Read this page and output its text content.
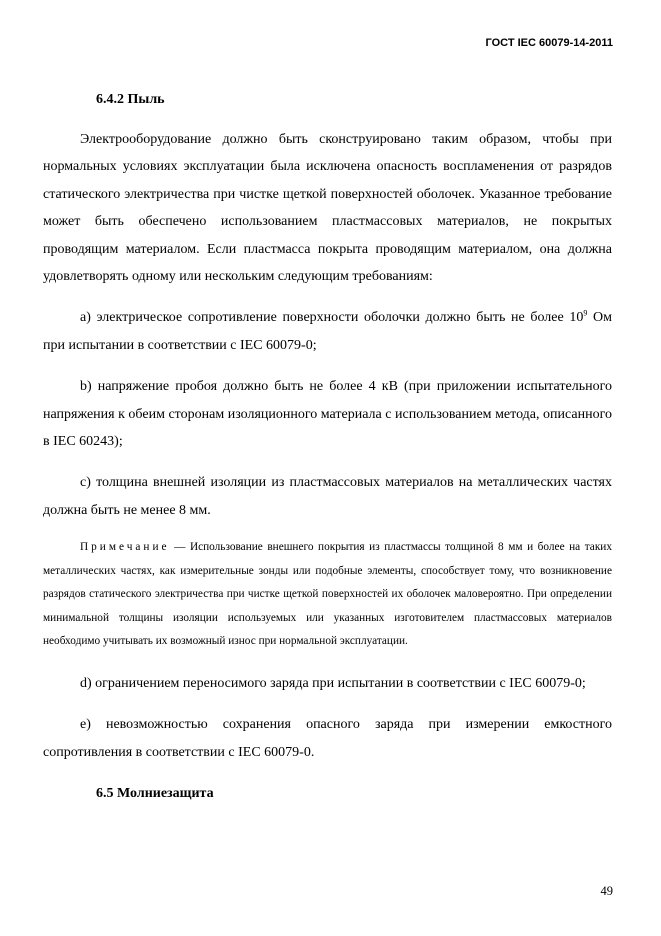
ГОСТ IEC 60079-14-2011
6.4.2 Пыль

Электрооборудование должно быть сконструировано таким образом, чтобы при нормальных условиях эксплуатации была исключена опасность воспламенения от разрядов статического электричества при чистке щеткой поверхностей оболочек. Указанное требование может быть обеспечено использованием пластмассовых материалов, не покрытых проводящим материалом. Если пластмасса покрыта проводящим материалом, она должна удовлетворять одному или нескольким следующим требованиям:

а) электрическое сопротивление поверхности оболочки должно быть не более $10^9$ Ом при испытании в соответствии с IEC 60079-0;

b) напряжение пробоя должно быть не более 4 кВ (при приложении испытательного напряжения к обеим сторонам изоляционного материала с использованием метода, описанного в IEC 60243);

c) толщина внешней изоляции из пластмассовых материалов на металлических частях должна быть не менее 8 мм.

Примечание — Использование внешнего покрытия из пластмассы толщиной 8 мм и более на таких металлических частях, как измерительные зонды или подобные элементы, способствует тому, что возникновение разрядов статического электричества при чистке щеткой поверхностей их оболочек маловероятно. При определении минимальной толщины изоляции используемых или указанных изготовителем пластмассовых материалов необходимо учитывать их возможный износ при нормальной эксплуатации.

d) ограничением переносимого заряда при испытании в соответствии с IEC 60079-0;

е) невозможностью сохранения опасного заряда при измерении емкостного сопротивления в соответствии с IEC 60079-0.

6.5 Молниезащита
49
